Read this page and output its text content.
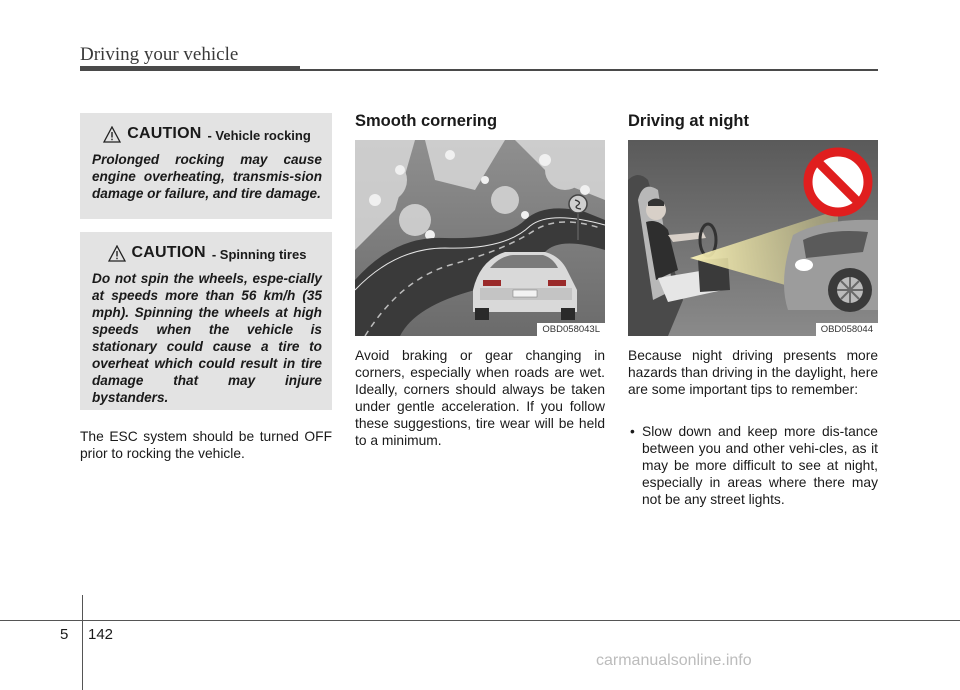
Driving your vehicle
CAUTION - Vehicle rocking
Prolonged rocking may cause engine overheating, transmis-sion damage or failure, and tire damage.
CAUTION - Spinning tires
Do not spin the wheels, espe-cially at speeds more than 56 km/h (35 mph). Spinning the wheels at high speeds when the vehicle is stationary could cause a tire to overheat which could result in tire damage that may injure bystanders.
The ESC system should be turned OFF prior to rocking the vehicle.
Smooth cornering
OBD058043L
Avoid braking or gear changing in corners, especially when roads are wet. Ideally, corners should always be taken under gentle acceleration. If you follow these suggestions, tire wear will be held to a minimum.
Driving at night
OBD058044
Because night driving presents more hazards than driving in the daylight, here are some important tips to remember:
• Slow down and keep more dis-tance between you and other vehi-cles, as it may be more difficult to see at night, especially in areas where there may not be any street lights.
5 142
carmanualsonline.info
